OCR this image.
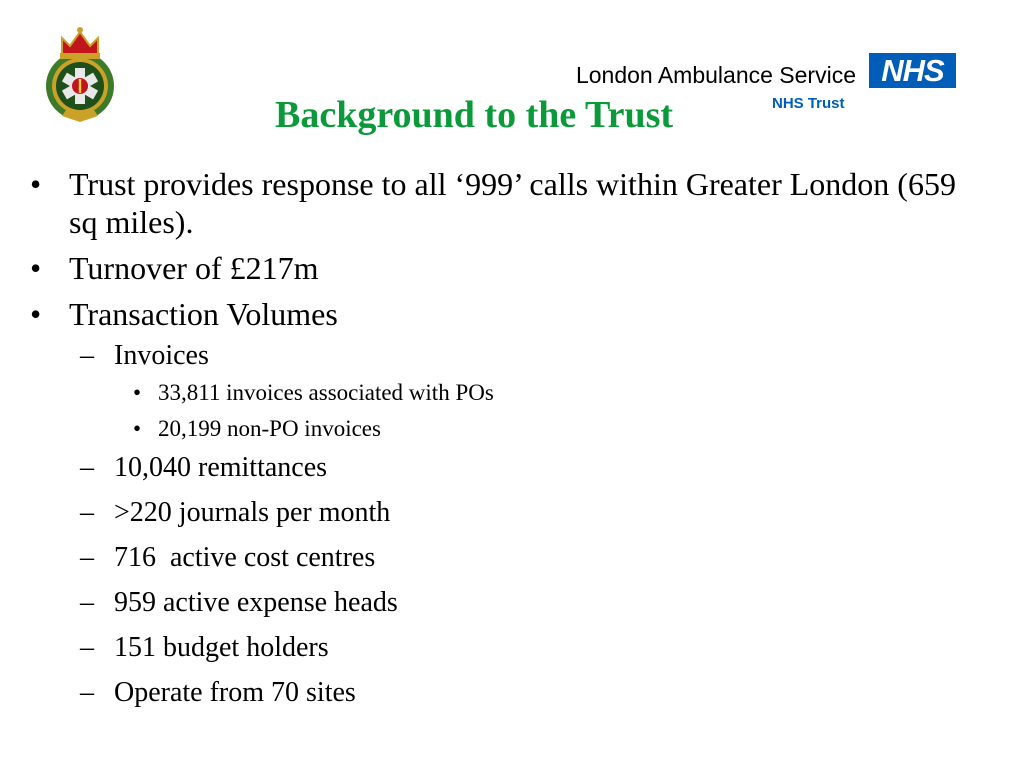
London Ambulance Service
NHS Trust
NHS
Background to the Trust
• Trust provides response to all ‘999’ calls within Greater London (659 sq miles).
• Turnover of £217m
• Transaction Volumes
– Invoices
• 33,811 invoices associated with POs
• 20,199 non-PO invoices
– 10,040 remittances
– >220 journals per month
– 716  active cost centres
– 959 active expense heads
– 151 budget holders
– Operate from 70 sites
